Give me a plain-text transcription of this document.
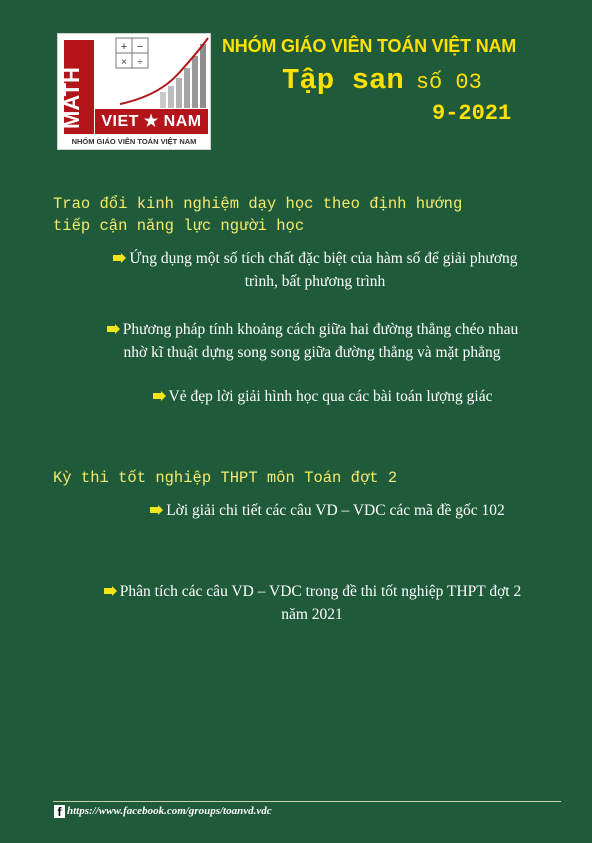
+ −
× ÷
MATH	VIET ★ NAM
NHÓM GIÁO VIÊN TOÁN VIỆT NAM
NHÓM GIÁO VIÊN TOÁN VIỆT NAM
Tập san số 03
9-2021
Trao đổi kinh nghiệm dạy học theo định hướng
tiếp cận năng lực người học
Ứng dụng một số tích chất đặc biệt của hàm số để giải phương
trình, bất phương trình
Phương pháp tính khoảng cách giữa hai đường thẳng chéo nhau
nhờ kĩ thuật dựng song song giữa đường thẳng và mặt phẳng
Vẻ đẹp lời giải hình học qua các bài toán lượng giác
Kỳ thi tốt nghiệp THPT môn Toán đợt 2
Lời giải chi tiết các câu VD – VDC các mã đề gốc 102
Phân tích các câu VD – VDC trong đề thi tốt nghiệp THPT đợt 2
năm 2021
f https://www.facebook.com/groups/toanvd.vdc
